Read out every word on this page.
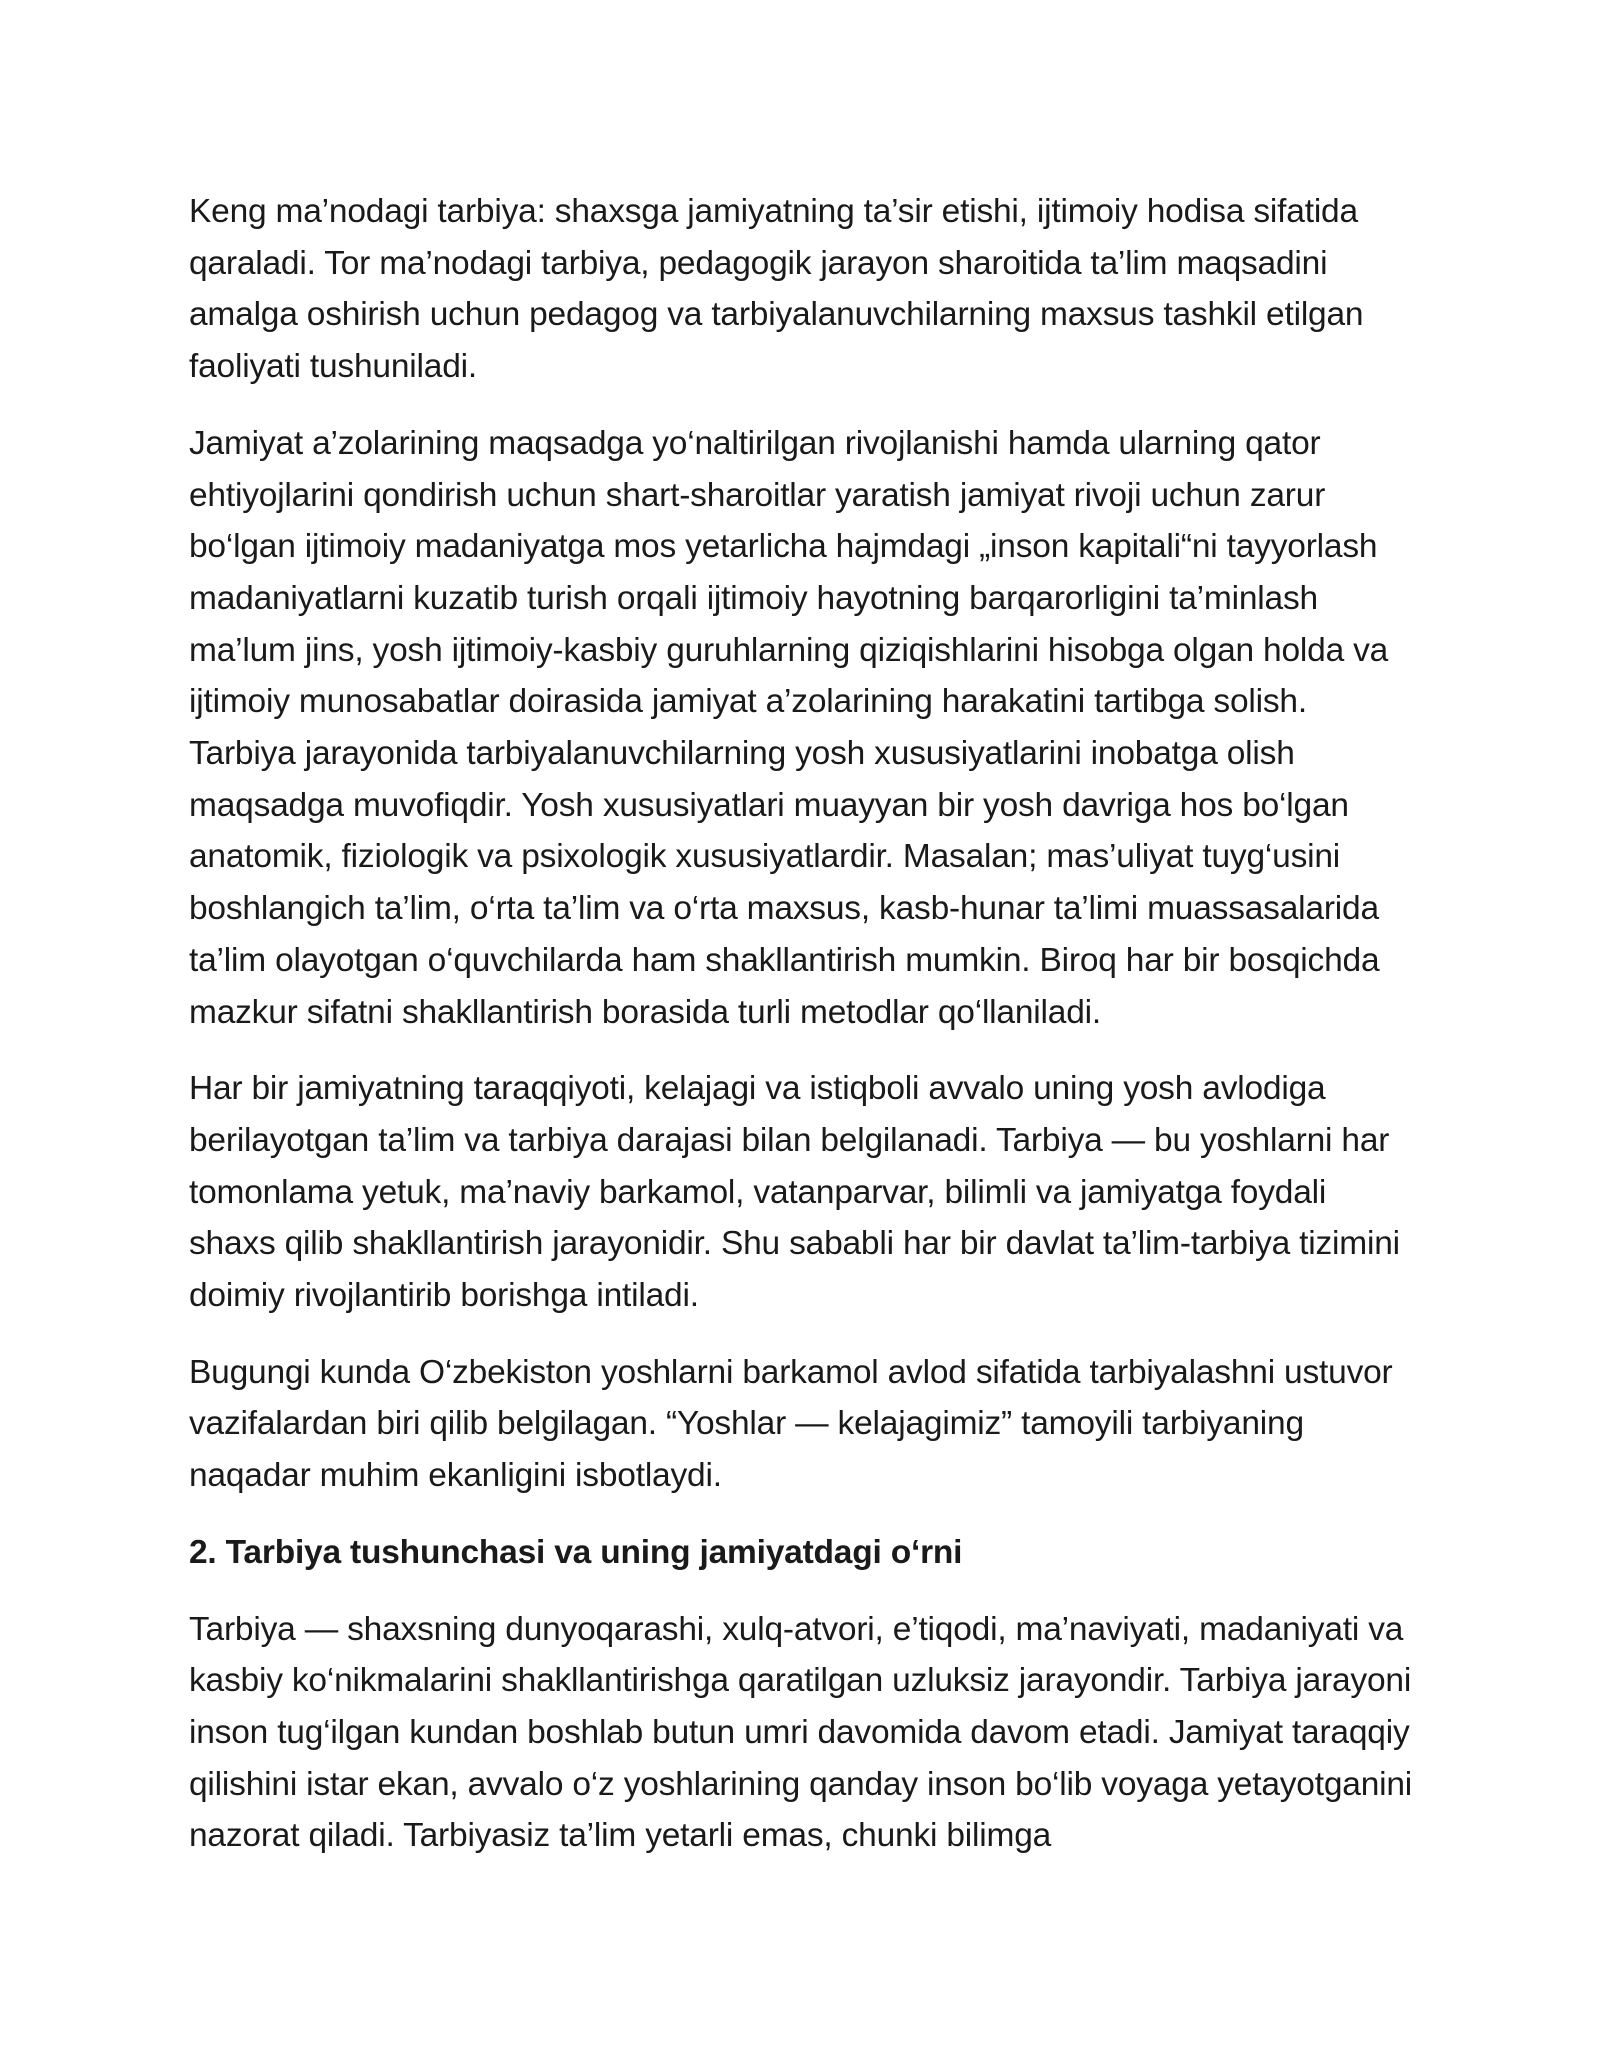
Keng ma’nodagi tarbiya: shaxsga jamiyatning ta’sir etishi, ijtimoiy hodisa sifatida qaraladi. Tor ma’nodagi tarbiya, pedagogik jarayon sharoitida ta’lim maqsadini amalga oshirish uchun pedagog va tarbiyalanuvchilarning maxsus tashkil etilgan faoliyati tushuniladi.

Jamiyat a’zolarining maqsadga yo‘naltirilgan rivojlanishi hamda ularning qator ehtiyojlarini qondirish uchun shart-sharoitlar yaratish jamiyat rivoji uchun zarur bo‘lgan ijtimoiy madaniyatga mos yetarlicha hajmdagi „inson kapitali“ni tayyorlash madaniyatlarni kuzatib turish orqali ijtimoiy hayotning barqarorligini ta’minlash ma’lum jins, yosh ijtimoiy-kasbiy guruhlarning qiziqishlarini hisobga olgan holda va ijtimoiy munosabatlar doirasida jamiyat a’zolarining harakatini tartibga solish. Tarbiya jarayonida tarbiyalanuvchilarning yosh xususiyatlarini inobatga olish maqsadga muvofiqdir. Yosh xususiyatlari muayyan bir yosh davriga hos bo‘lgan anatomik, fiziologik va psixologik xususiyatlardir. Masalan; mas’uliyat tuyg‘usini boshlangich ta’lim, o‘rta ta’lim va o‘rta maxsus, kasb-hunar ta’limi muassasalarida ta’lim olayotgan o‘quvchilarda ham shakllantirish mumkin. Biroq har bir bosqichda mazkur sifatni shakllantirish borasida turli metodlar qo‘llaniladi.

Har bir jamiyatning taraqqiyoti, kelajagi va istiqboli avvalo uning yosh avlodiga berilayotgan ta’lim va tarbiya darajasi bilan belgilanadi. Tarbiya — bu yoshlarni har tomonlama yetuk, ma’naviy barkamol, vatanparvar, bilimli va jamiyatga foydali shaxs qilib shakllantirish jarayonidir. Shu sababli har bir davlat ta’lim-tarbiya tizimini doimiy rivojlantirib borishga intiladi.

Bugungi kunda O‘zbekiston yoshlarni barkamol avlod sifatida tarbiyalashni ustuvor vazifalardan biri qilib belgilagan. “Yoshlar — kelajagimiz” tamoyili tarbiyaning naqadar muhim ekanligini isbotlaydi.

2. Tarbiya tushunchasi va uning jamiyatdagi o‘rni

Tarbiya — shaxsning dunyoqarashi, xulq-atvori, e’tiqodi, ma’naviyati, madaniyati va kasbiy ko‘nikmalarini shakllantirishga qaratilgan uzluksiz jarayondir. Tarbiya jarayoni inson tug‘ilgan kundan boshlab butun umri davomida davom etadi. Jamiyat taraqqiy qilishini istar ekan, avvalo o‘z yoshlarining qanday inson bo‘lib voyaga yetayotganini nazorat qiladi. Tarbiyasiz ta’lim yetarli emas, chunki bilimga
